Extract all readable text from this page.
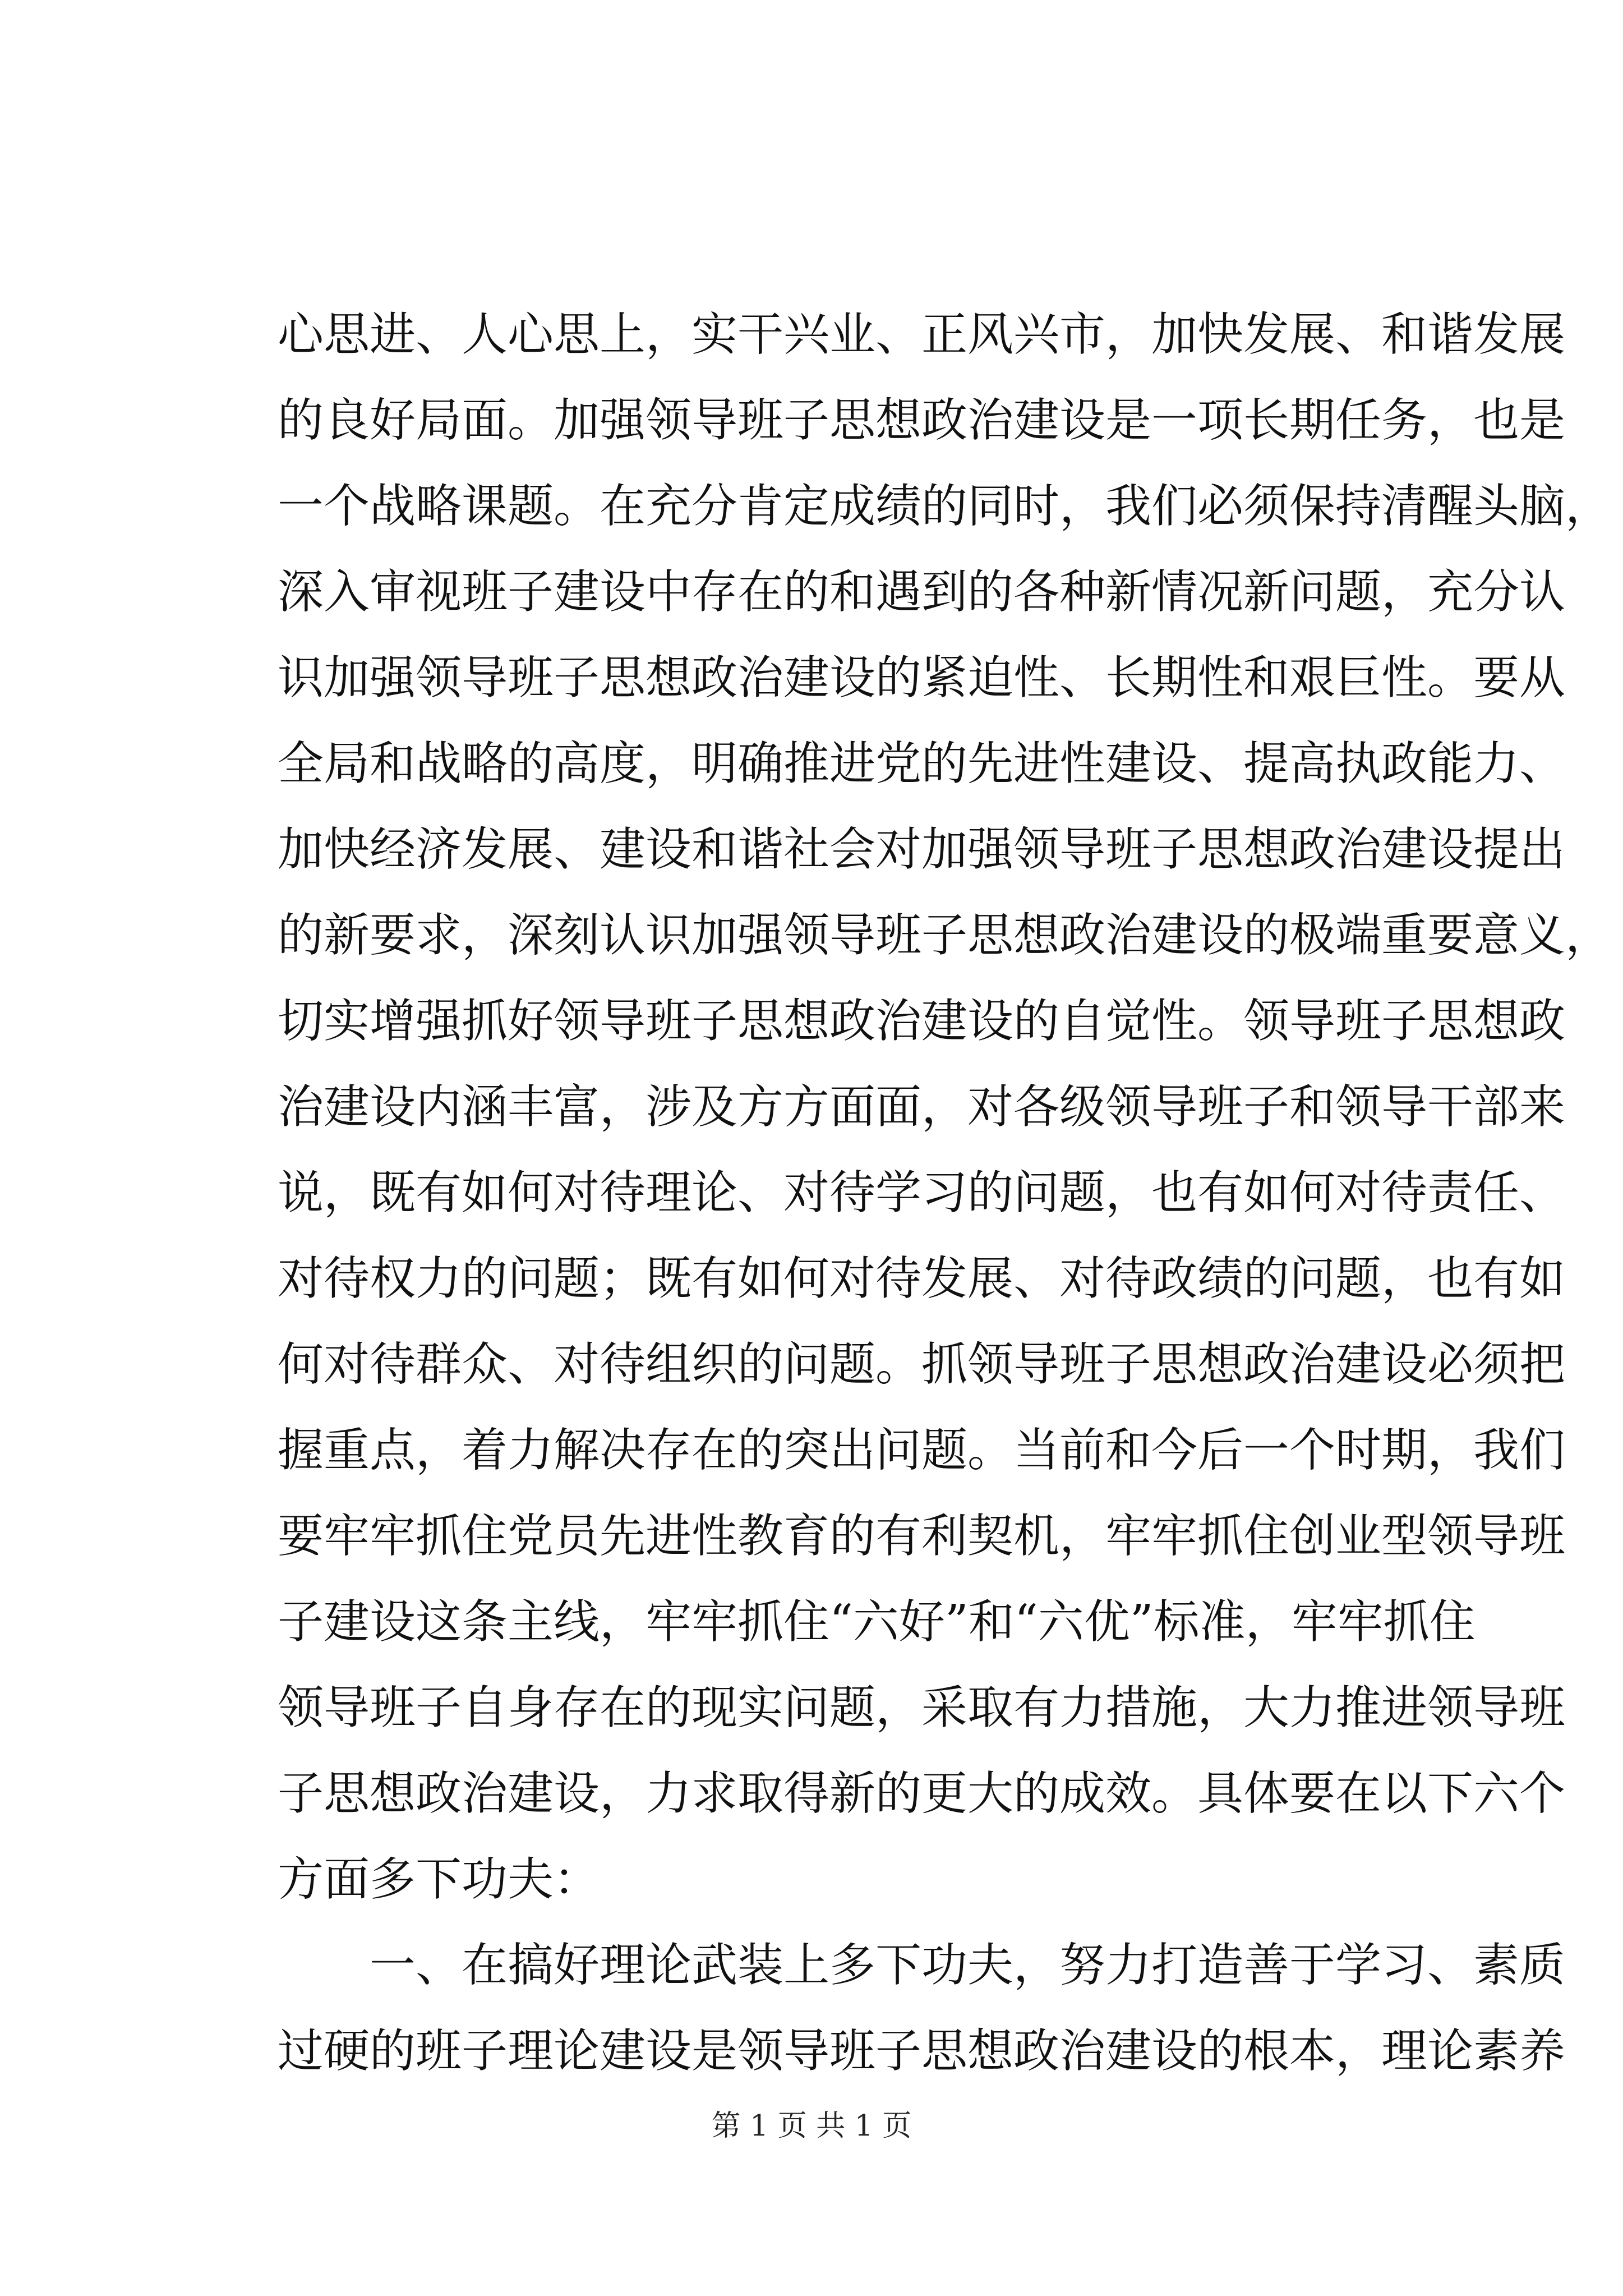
心思进、人心思上，实干兴业、正风兴市，加快发展、和谐发展
的良好局面。加强领导班子思想政治建设是一项长期任务，也是
一个战略课题。在充分肯定成绩的同时，我们必须保持清醒头脑，
深入审视班子建设中存在的和遇到的各种新情况新问题，充分认
识加强领导班子思想政治建设的紧迫性、长期性和艰巨性。要从
全局和战略的高度，明确推进党的先进性建设、提高执政能力、
加快经济发展、建设和谐社会对加强领导班子思想政治建设提出
的新要求，深刻认识加强领导班子思想政治建设的极端重要意义，
切实增强抓好领导班子思想政治建设的自觉性。领导班子思想政
治建设内涵丰富，涉及方方面面，对各级领导班子和领导干部来
说，既有如何对待理论、对待学习的问题，也有如何对待责任、
对待权力的问题；既有如何对待发展、对待政绩的问题，也有如
何对待群众、对待组织的问题。抓领导班子思想政治建设必须把
握重点，着力解决存在的突出问题。当前和今后一个时期，我们
要牢牢抓住党员先进性教育的有利契机，牢牢抓住创业型领导班
子建设这条主线，牢牢抓住“六好”和“六优”标准，牢牢抓住
领导班子自身存在的现实问题，采取有力措施，大力推进领导班
子思想政治建设，力求取得新的更大的成效。具体要在以下六个
方面多下功夫：
一、在搞好理论武装上多下功夫，努力打造善于学习、素质
过硬的班子理论建设是领导班子思想政治建设的根本，理论素养
第 1 页 共 1 页
